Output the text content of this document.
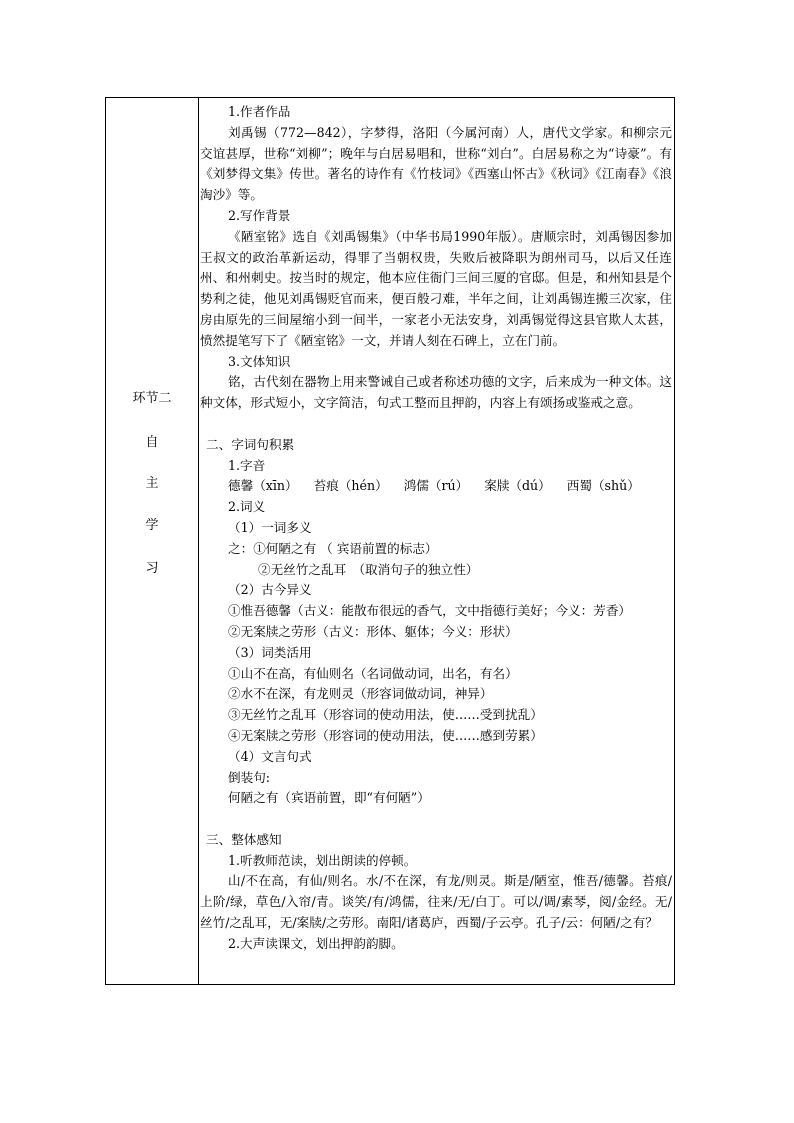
环节二
自
主
学
习

1.作者作品

刘禹锡（772—842），字梦得，洛阳（今属河南）人，唐代文学家。和柳宗元交谊甚厚，世称“刘柳”；晚年与白居易唱和，世称“刘白”。白居易称之为“诗豪”。有《刘梦得文集》传世。著名的诗作有《竹枝词》《西塞山怀古》《秋词》《江南春》《浪淘沙》等。

2.写作背景

《陋室铭》选自《刘禹锡集》（中华书局1990年版）。唐顺宗时，刘禹锡因参加王叔文的政治革新运动，得罪了当朝权贵，失败后被降职为朗州司马，以后又任连州、和州刺史。按当时的规定，他本应住衙门三间三厦的官邸。但是，和州知县是个势利之徒，他见刘禹锡贬官而来，便百般刁难，半年之间，让刘禹锡连搬三次家，住房由原先的三间屋缩小到一间半，一家老小无法安身，刘禹锡觉得这县官欺人太甚，愤然提笔写下了《陋室铭》一文，并请人刻在石碑上，立在门前。

3.文体知识

铭，古代刻在器物上用来警诫自己或者称述功德的文字，后来成为一种文体。这种文体，形式短小，文字简洁，句式工整而且押韵，内容上有颂扬或鉴戒之意。

二、字词句积累

1.字音

德馨（xīn） 苔痕（hén） 鸿儒（rú） 案牍（dú） 西蜀（shǔ）

2.词义

（1）一词多义

之：①何陋之有 （ 宾语前置的标志）

②无丝竹之乱耳　（取消句子的独立性）

（2）古今异义

①惟吾德馨（古义：能散布很远的香气，文中指德行美好；今义：芳香）

②无案牍之劳形（古义：形体、躯体；今义：形状）

（3）词类活用

①山不在高，有仙则名（名词做动词，出名，有名）

②水不在深，有龙则灵（形容词做动词，神异）

③无丝竹之乱耳（形容词的使动用法，使……受到扰乱）

④无案牍之劳形（形容词的使动用法，使……感到劳累）

（4）文言句式

倒装句:

何陋之有（宾语前置，即“有何陋”）

三、整体感知

1.听教师范读，划出朗读的停顿。

山/不在高，有仙/则名。水/不在深，有龙/则灵。斯是/陋室，惟吾/德馨。苔痕/上阶/绿，草色/入帘/青。谈笑/有/鸿儒，往来/无/白丁。可以/调/素琴，阅/金经。无/丝竹/之乱耳，无/案牍/之劳形。南阳/诸葛庐，西蜀/子云亭。孔子/云：何陋/之有？

2.大声读课文，划出押韵韵脚。
